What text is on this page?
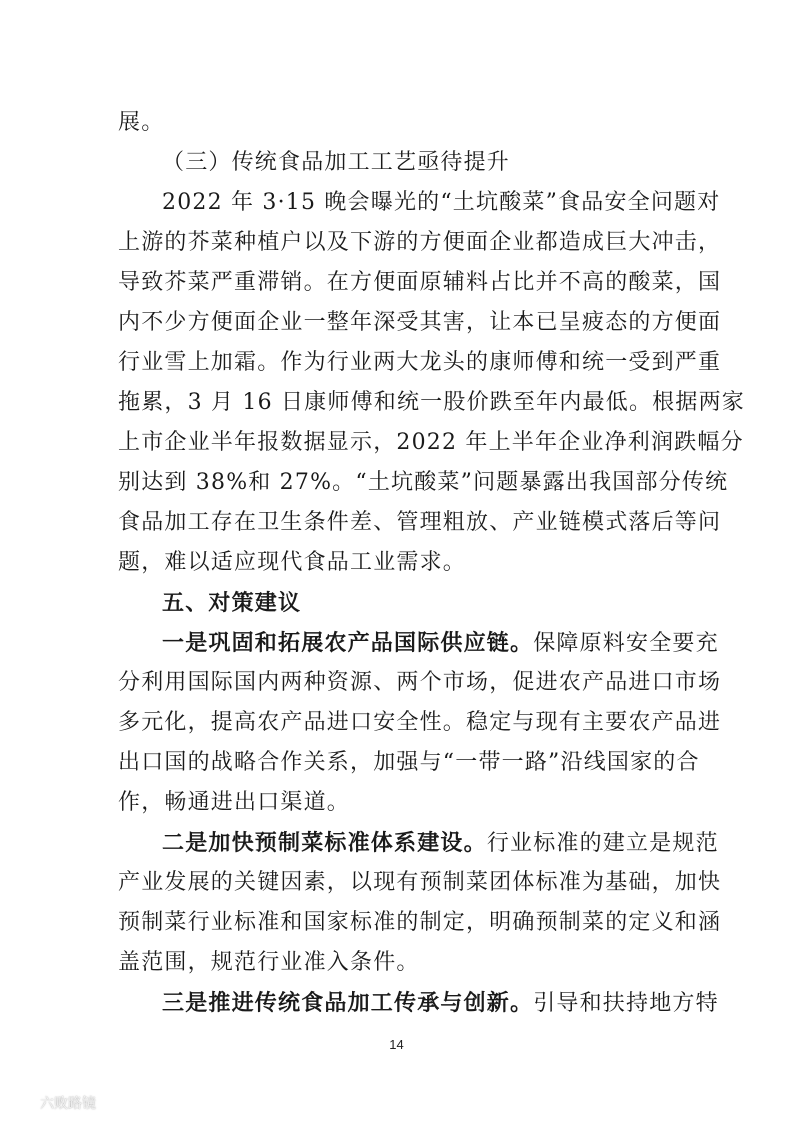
展。
（三）传统食品加工工艺亟待提升
2022 年 3·15 晚会曝光的“土坑酸菜”食品安全问题对
上游的芥菜种植户以及下游的方便面企业都造成巨大冲击，
导致芥菜严重滞销。在方便面原辅料占比并不高的酸菜，国
内不少方便面企业一整年深受其害，让本已呈疲态的方便面
行业雪上加霜。作为行业两大龙头的康师傅和统一受到严重
拖累，3 月 16 日康师傅和统一股价跌至年内最低。根据两家
上市企业半年报数据显示，2022 年上半年企业净利润跌幅分
别达到 38%和 27%。“土坑酸菜”问题暴露出我国部分传统
食品加工存在卫生条件差、管理粗放、产业链模式落后等问
题，难以适应现代食品工业需求。
五、对策建议
一是巩固和拓展农产品国际供应链。保障原料安全要充
分利用国际国内两种资源、两个市场，促进农产品进口市场
多元化，提高农产品进口安全性。稳定与现有主要农产品进
出口国的战略合作关系，加强与“一带一路”沿线国家的合
作，畅通进出口渠道。
二是加快预制菜标准体系建设。行业标准的建立是规范
产业发展的关键因素，以现有预制菜团体标准为基础，加快
预制菜行业标准和国家标准的制定，明确预制菜的定义和涵
盖范围，规范行业准入条件。
三是推进传统食品加工传承与创新。引导和扶持地方特
14
六败路镜
